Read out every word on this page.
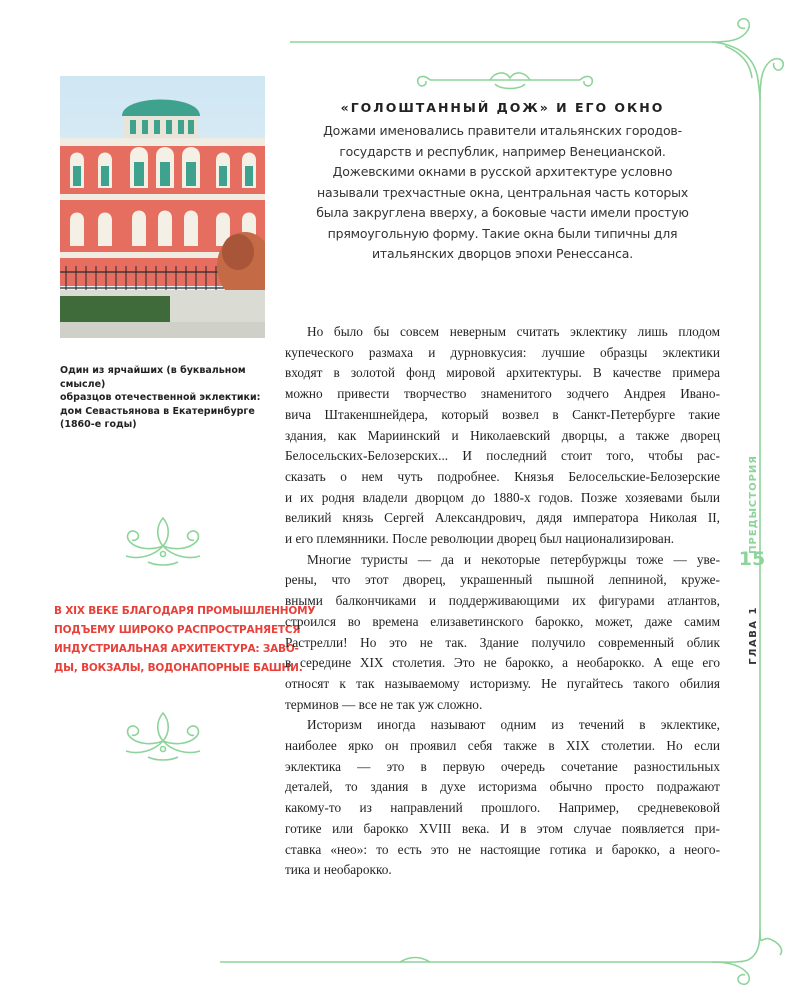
Один из ярчайших (в буквальном смысле)
образцов отечественной эклектики:
дом Севастьянова в Екатеринбурге
(1860-е годы)
В XIX ВЕКЕ БЛАГОДАРЯ ПРОМЫШЛЕННОМУ
ПОДЪЕМУ ШИРОКО РАСПРОСТРАНЯЕТСЯ
ИНДУСТРИАЛЬНАЯ АРХИТЕКТУРА: ЗАВО-
ДЫ, ВОКЗАЛЫ, ВОДОНАПОРНЫЕ БАШНИ.
«ГОЛОШТАННЫЙ ДОЖ» И ЕГО ОКНО
Дожами именовались правители итальянских городов-
государств и республик, например Венецианской.
Дожевскими окнами в русской архитектуре условно
называли трехчастные окна, центральная часть которых
была закруглена вверху, а боковые части имели простую
прямоугольную форму. Такие окна были типичны для
итальянских дворцов эпохи Ренессанса.
Но было бы совсем неверным считать эклектику лишь плодом
купеческого размаха и дурновкусия: лучшие образцы эклектики
входят в золотой фонд мировой архитектуры. В качестве примера
можно привести творчество знаменитого зодчего Андрея Ивано-
вича Штакеншнейдера, который возвел в Санкт-Петербурге такие
здания, как Мариинский и Николаевский дворцы, а также дворец
Белосельских-Белозерских... И последний стоит того, чтобы рас-
сказать о нем чуть подробнее. Князья Белосельские-Белозерские
и их родня владели дворцом до 1880-х годов. Позже хозяевами были
великий князь Сергей Александрович, дядя императора Николая II,
и его племянники. После революции дворец был национализирован.
Многие туристы — да и некоторые петербуржцы тоже — уве-
рены, что этот дворец, украшенный пышной лепниной, круже-
вными балкончиками и поддерживающими их фигурами атлантов,
строился во времена елизаветинского барокко, может, даже самим
Растрелли! Но это не так. Здание получило современный облик
в середине XIX столетия. Это не барокко, а необарокко. А еще его
относят к так называемому историзму. Не пугайтесь такого обилия
терминов — все не так уж сложно.
Историзм иногда называют одним из течений в эклектике,
наиболее ярко он проявил себя также в XIX столетии. Но если
эклектика — это в первую очередь сочетание разностильных
деталей, то здания в духе историзма обычно просто подражают
какому-то из направлений прошлого. Например, средневековой
готике или барокко XVIII века. И в этом случае появляется при-
ставка «нео»: то есть это не настоящие готика и барокко, а неого-
тика и необарокко.
ПРЕДЫСТОРИЯ
15
ГЛАВА 1
